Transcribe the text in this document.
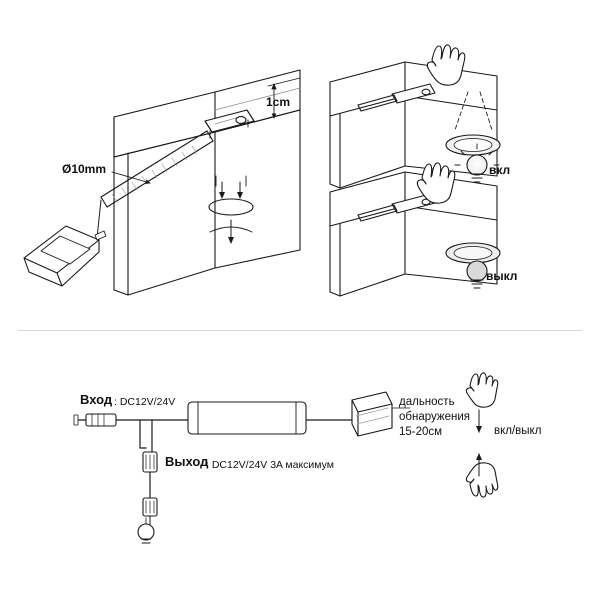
1cm
Ø10mm	вкл
выкл
Вход : DC12V/24V
Выход
: DC12V/24V 3A максимум
дальность
обнаружения
15-20см	вкл/выкл
